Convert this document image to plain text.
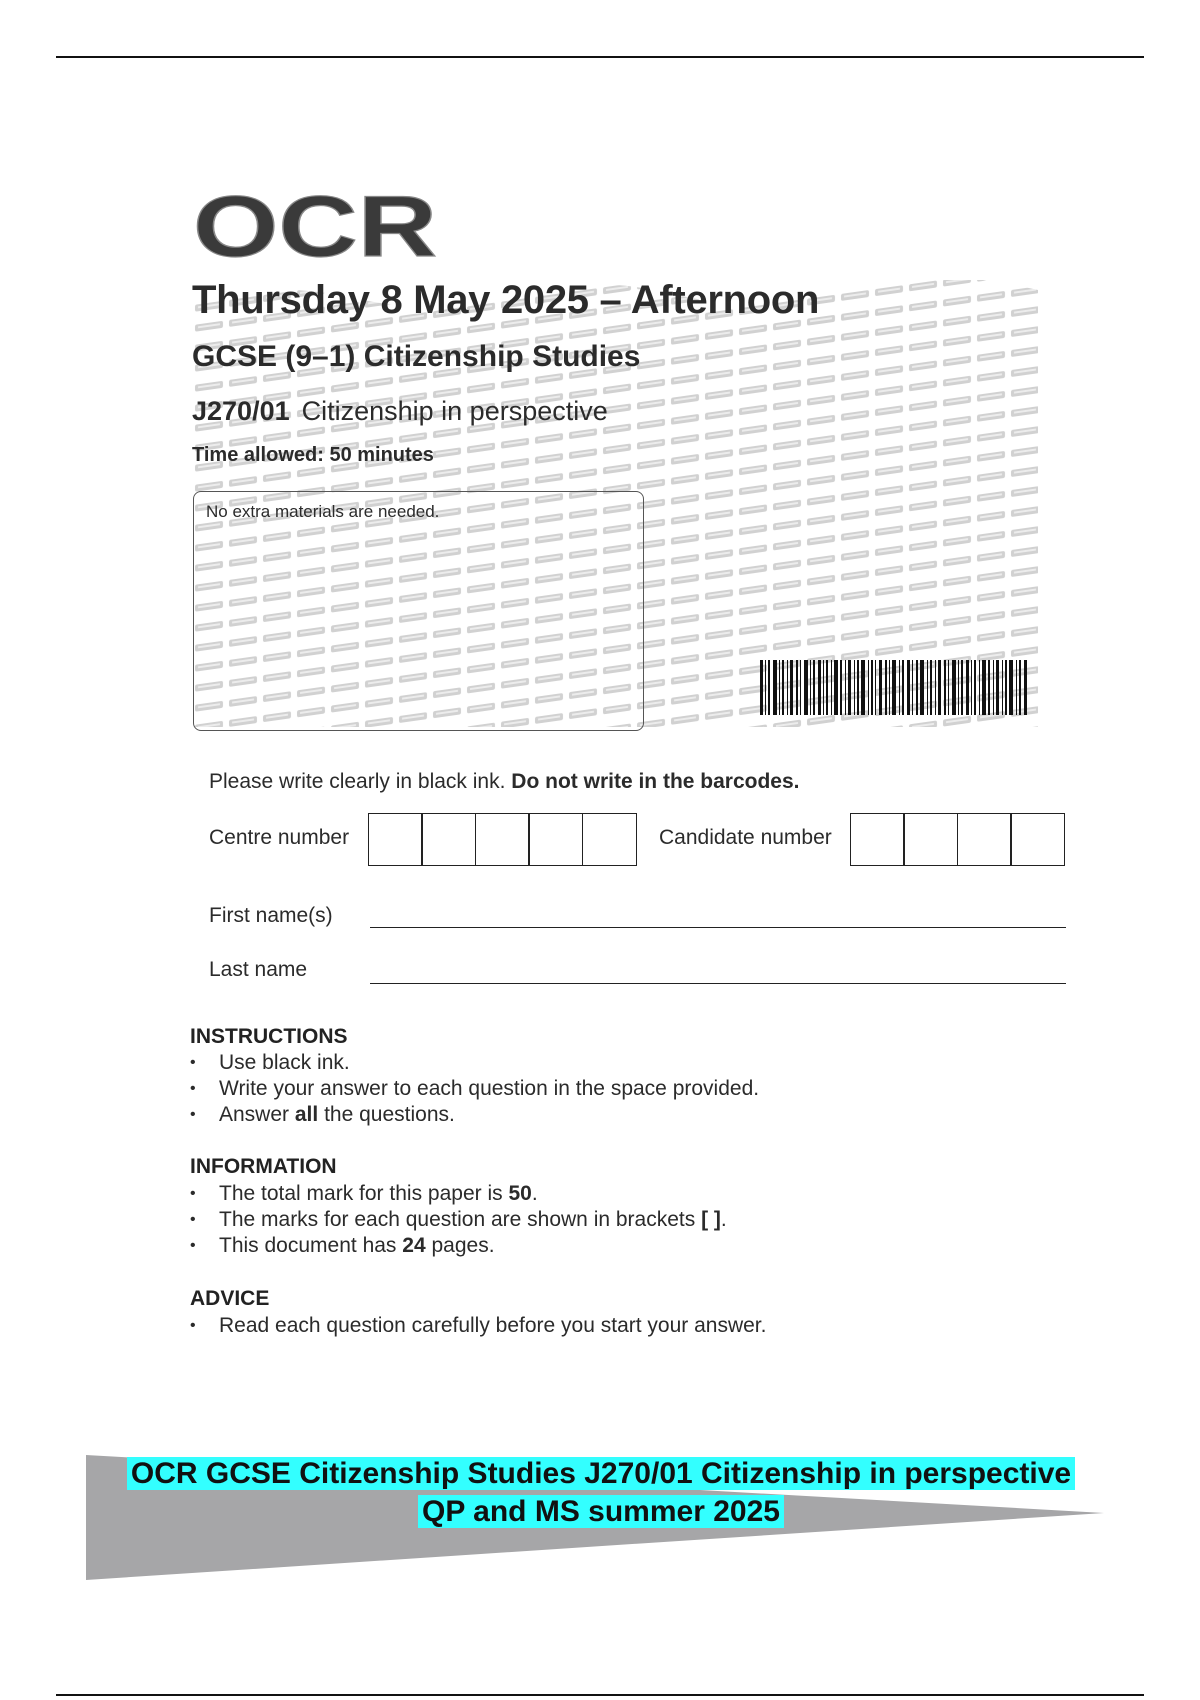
OCR
Thursday 8 May 2025 – Afternoon
GCSE (9–1) Citizenship Studies
J270/01 Citizenship in perspective
Time allowed: 50 minutes
No extra materials are needed.
Please write clearly in black ink. Do not write in the barcodes.
Centre number	Candidate number
First name(s)
Last name
INSTRUCTIONS
• Use black ink.
• Write your answer to each question in the space provided.
• Answer all the questions.
INFORMATION
• The total mark for this paper is 50.
• The marks for each question are shown in brackets [ ].
• This document has 24 pages.
ADVICE
• Read each question carefully before you start your answer.
OCR GCSE Citizenship Studies J270/01 Citizenship in perspective
QP and MS summer 2025
